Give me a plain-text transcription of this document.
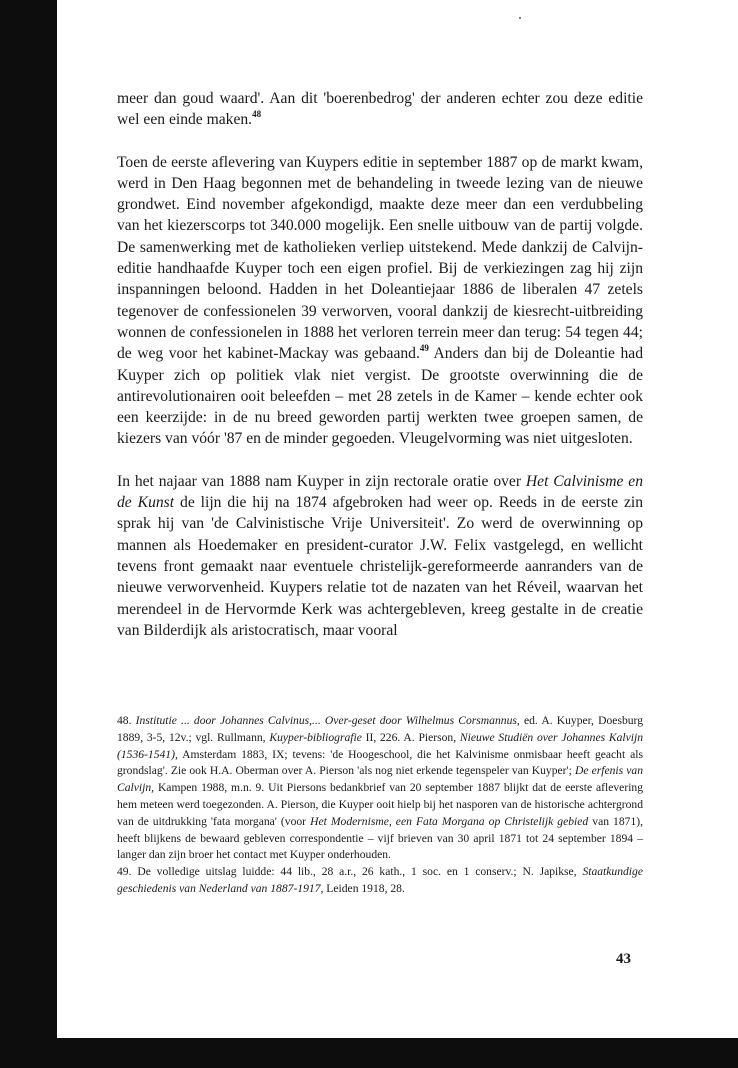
meer dan goud waard'. Aan dit 'boerenbedrog' der anderen echter zou deze editie wel een einde maken.$^{48}$

Toen de eerste aflevering van Kuypers editie in september 1887 op de markt kwam, werd in Den Haag begonnen met de behandeling in tweede lezing van de nieuwe grondwet. Eind november afgekondigd, maakte deze meer dan een verdubbeling van het kiezerscorps tot 340.000 mogelijk. Een snelle uitbouw van de partij volgde. De samenwerking met de katholieken verliep uitstekend. Mede dankzij de Calvijn-editie handhaafde Kuyper toch een eigen profiel. Bij de verkiezingen zag hij zijn inspanningen beloond. Hadden in het Doleantiejaar 1886 de liberalen 47 zetels tegenover de confessionelen 39 verworven, vooral dankzij de kiesrecht-uitbreiding wonnen de confessionelen in 1888 het verloren terrein meer dan terug: 54 tegen 44; de weg voor het kabinet-Mackay was gebaand.$^{49}$ Anders dan bij de Doleantie had Kuyper zich op politiek vlak niet vergist. De grootste overwinning die de antirevolutionairen ooit beleefden – met 28 zetels in de Kamer – kende echter ook een keerzijde: in de nu breed geworden partij werkten twee groepen samen, de kiezers van vóór '87 en de minder gegoeden. Vleugelvorming was niet uitgesloten.

In het najaar van 1888 nam Kuyper in zijn rectorale oratie over Het Calvinisme en de Kunst de lijn die hij na 1874 afgebroken had weer op. Reeds in de eerste zin sprak hij van 'de Calvinistische Vrije Universiteit'. Zo werd de overwinning op mannen als Hoedemaker en president-curator J.W. Felix vastgelegd, en wellicht tevens front gemaakt naar eventuele christelijk-gereformeerde aanranders van de nieuwe verworvenheid. Kuypers relatie tot de nazaten van het Réveil, waarvan het merendeel in de Hervormde Kerk was achtergebleven, kreeg gestalte in de creatie van Bilderdijk als aristocratisch, maar vooral

48. Institutie ... door Johannes Calvinus,... Over-geset door Wilhelmus Corsmannus, ed. A. Kuyper, Doesburg 1889, 3-5, 12v.; vgl. Rullmann, Kuyper-bibliografie II, 226. A. Pierson, Nieuwe Studiën over Johannes Kalvijn (1536-1541), Amsterdam 1883, IX; tevens: 'de Hoogeschool, die het Kalvinisme onmisbaar heeft geacht als grondslag'. Zie ook H.A. Oberman over A. Pierson 'als nog niet erkende tegenspeler van Kuyper'; De erfenis van Calvijn, Kampen 1988, m.n. 9. Uit Piersons bedankbrief van 20 september 1887 blijkt dat de eerste aflevering hem meteen werd toegezonden. A. Pierson, die Kuyper ooit hielp bij het nasporen van de historische achtergrond van de uitdrukking 'fata morgana' (voor Het Modernisme, een Fata Morgana op Christelijk gebied van 1871), heeft blijkens de bewaard gebleven correspondentie – vijf brieven van 30 april 1871 tot 24 september 1894 – langer dan zijn broer het contact met Kuyper onderhouden.

49. De volledige uitslag luidde: 44 lib., 28 a.r., 26 kath., 1 soc. en 1 conserv.; N. Japikse, Staatkundige geschiedenis van Nederland van 1887-1917, Leiden 1918, 28.

43
